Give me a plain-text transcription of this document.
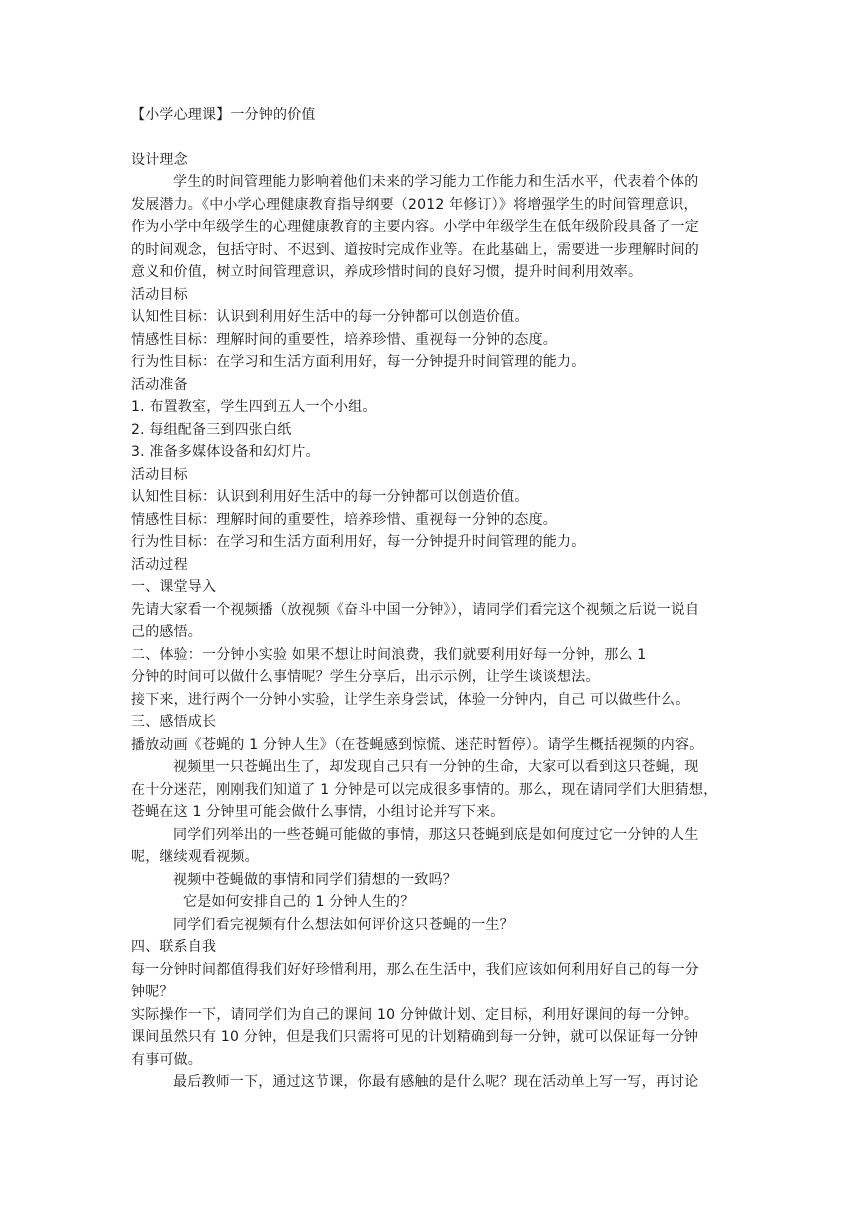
【小学心理课】一分钟的价值
设计理念
学生的时间管理能力影响着他们未来的学习能力工作能力和生活水平，代表着个体的
发展潜力。《中小学心理健康教育指导纲要（2012 年修订）》将增强学生的时间管理意识，
作为小学中年级学生的心理健康教育的主要内容。小学中年级学生在低年级阶段具备了一定
的时间观念，包括守时、不迟到、道按时完成作业等。在此基础上，需要进一步理解时间的
意义和价值，树立时间管理意识，养成珍惜时间的良好习惯，提升时间利用效率。
活动目标
认知性目标：认识到利用好生活中的每一分钟都可以创造价值。
情感性目标：理解时间的重要性，培养珍惜、重视每一分钟的态度。
行为性目标：在学习和生活方面利用好，每一分钟提升时间管理的能力。
活动准备
1. 布置教室，学生四到五人一个小组。
2. 每组配备三到四张白纸
3. 准备多媒体设备和幻灯片。
活动目标
认知性目标：认识到利用好生活中的每一分钟都可以创造价值。
情感性目标：理解时间的重要性，培养珍惜、重视每一分钟的态度。
行为性目标：在学习和生活方面利用好，每一分钟提升时间管理的能力。
活动过程
一、课堂导入
先请大家看一个视频播（放视频《奋斗中国一分钟》），请同学们看完这个视频之后说一说自
己的感悟。
二、体验：一分钟小实验 如果不想让时间浪费，我们就要利用好每一分钟，那么 1
分钟的时间可以做什么事情呢？学生分享后，出示示例，让学生谈谈想法。
接下来，进行两个一分钟小实验，让学生亲身尝试，体验一分钟内，自己 可以做些什么。
三、感悟成长
播放动画《苍蝇的 1 分钟人生》（在苍蝇感到惊慌、迷茫时暂停）。请学生概括视频的内容。
视频里一只苍蝇出生了，却发现自己只有一分钟的生命，大家可以看到这只苍蝇，现
在十分迷茫，刚刚我们知道了 1 分钟是可以完成很多事情的。那么，现在请同学们大胆猜想，
苍蝇在这 1 分钟里可能会做什么事情，小组讨论并写下来。
同学们列举出的一些苍蝇可能做的事情，那这只苍蝇到底是如何度过它一分钟的人生
呢，继续观看视频。
视频中苍蝇做的事情和同学们猜想的一致吗？
它是如何安排自己的 1 分钟人生的？
同学们看完视频有什么想法如何评价这只苍蝇的一生？
四、联系自我
每一分钟时间都值得我们好好珍惜利用，那么在生活中，我们应该如何利用好自己的每一分
钟呢？
实际操作一下，请同学们为自己的课间 10 分钟做计划、定目标，利用好课间的每一分钟。
课间虽然只有 10 分钟，但是我们只需将可见的计划精确到每一分钟，就可以保证每一分钟
有事可做。
最后教师一下，通过这节课，你最有感触的是什么呢？现在活动单上写一写，再讨论
